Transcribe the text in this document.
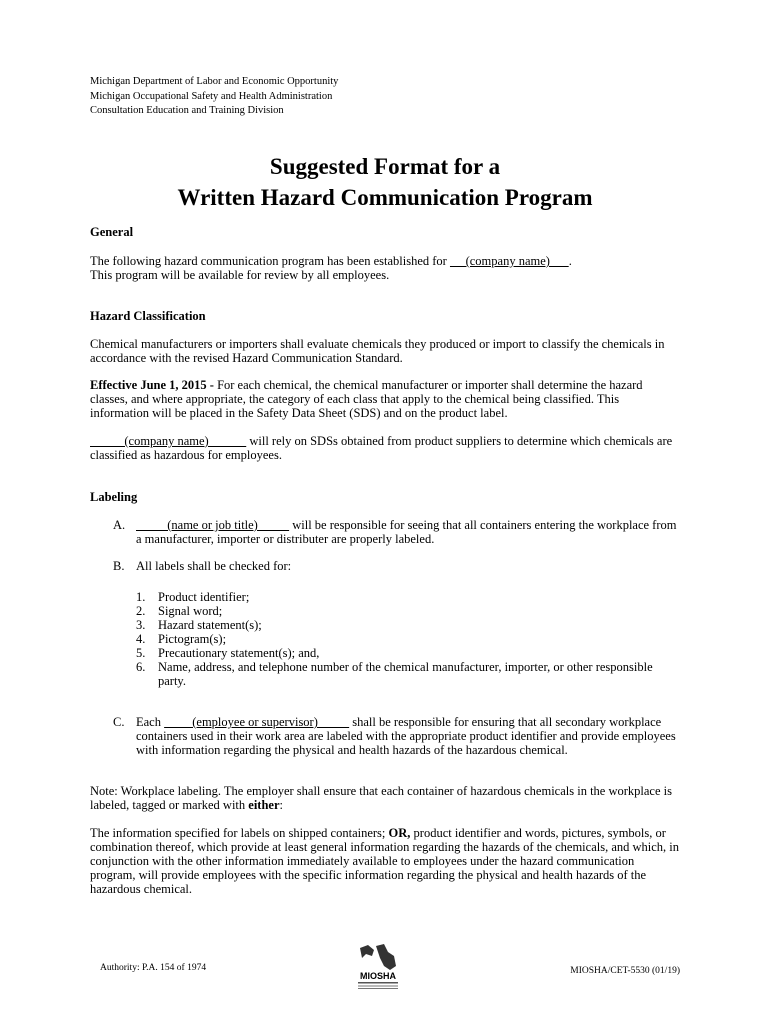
Michigan Department of Labor and Economic Opportunity
Michigan Occupational Safety and Health Administration
Consultation Education and Training Division
Suggested Format for a
Written Hazard Communication Program
General
The following hazard communication program has been established for      (company name)      .
This program will be available for review by all employees.
Hazard Classification
Chemical manufacturers or importers shall evaluate chemicals they produced or import to classify the chemicals in accordance with the revised Hazard Communication Standard.
Effective June 1, 2015 - For each chemical, the chemical manufacturer or importer shall determine the hazard classes, and where appropriate, the category of each class that apply to the chemical being classified. This information will be placed in the Safety Data Sheet (SDS) and on the product label.
(company name)             will rely on SDSs obtained from product suppliers to determine which chemicals are classified as hazardous for employees.
Labeling
A. (name or job title)           will be responsible for seeing that all containers entering the workplace from a manufacturer, importer or distributer are properly labeled.
B. All labels shall be checked for:
1.	Product identifier;
2.	Signal word;
3.	Hazard statement(s);
4.	Pictogram(s);
5.	Precautionary statement(s); and,
6.	Name, address, and telephone number of the chemical manufacturer, importer, or other responsible party.
C. Each          (employee or supervisor)           shall be responsible for ensuring that all secondary workplace containers used in their work area are labeled with the appropriate product identifier and provide employees with information regarding the physical and health hazards of the hazardous chemical.
Note: Workplace labeling. The employer shall ensure that each container of hazardous chemicals in the workplace is labeled, tagged or marked with either:
The information specified for labels on shipped containers; OR, product identifier and words, pictures, symbols, or combination thereof, which provide at least general information regarding the hazards of the chemicals, and which, in conjunction with the other information immediately available to employees under the hazard communication program, will provide employees with the specific information regarding the physical and health hazards of the hazardous chemical.
Authority: P.A. 154 of 1974
MIOSHA	MIOSHA/CET-5530 (01/19)
